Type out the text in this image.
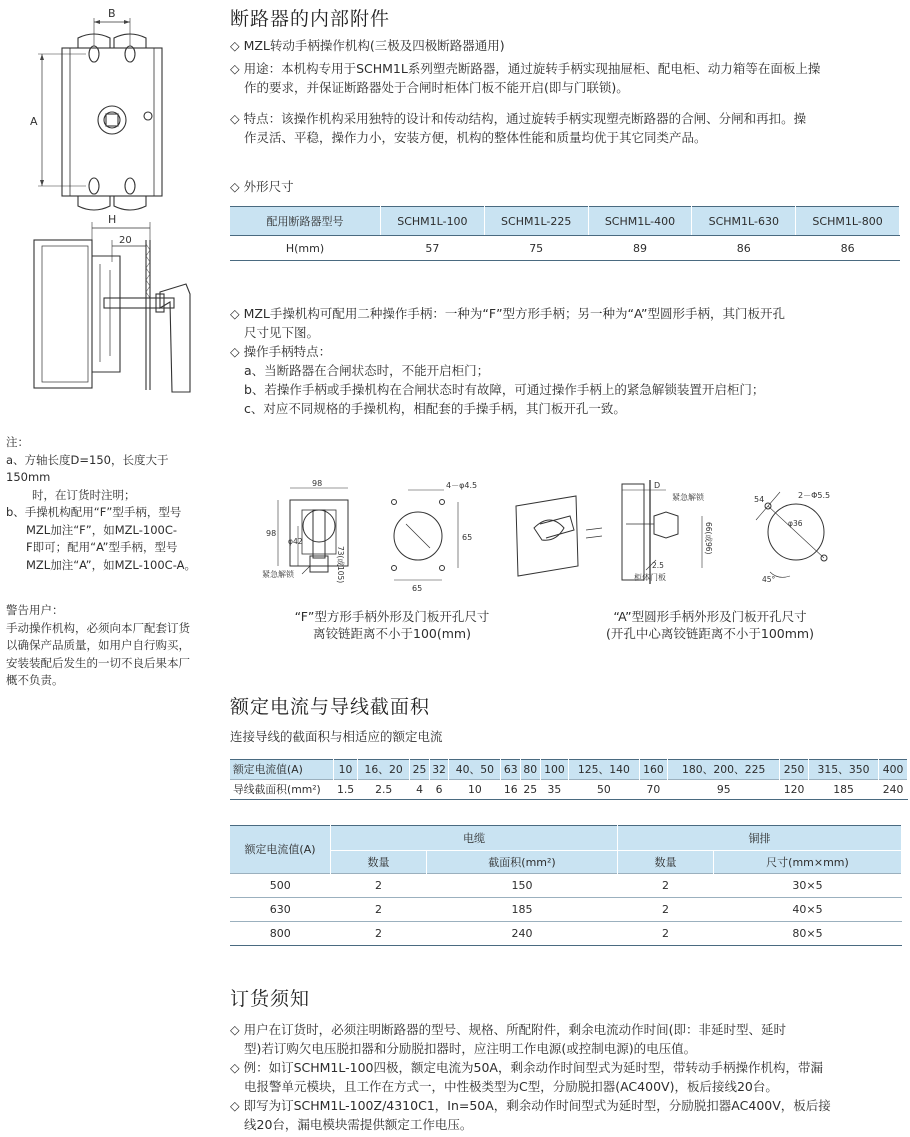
断路器的内部附件
◇ MZL转动手柄操作机构(三极及四极断路器通用)
◇ 用途：本机构专用于SCHM1L系列塑壳断路器，通过旋转手柄实现抽屉柜、配电柜、动力箱等在面板上操
作的要求，并保证断路器处于合闸时柜体门板不能开启(即与门联锁)。
◇ 特点：该操作机构采用独特的设计和传动结构，通过旋转手柄实现塑壳断路器的合闸、分闸和再扣。操
作灵活、平稳，操作力小，安装方便，机构的整体性能和质量均优于其它同类产品。
◇ 外形尺寸
配用断路器型号	SCHM1L-100	SCHM1L-225	SCHM1L-400	SCHM1L-630	SCHM1L-800
H(mm)	57	75	89	86	86
◇ MZL手操机构可配用二种操作手柄：一种为“F”型方形手柄；另一种为“A”型圆形手柄，其门板开孔
尺寸见下图。
◇ 操作手柄特点：
a、当断路器在合闸状态时，不能开启柜门；
b、若操作手柄或手操机构在合闸状态时有故障，可通过操作手柄上的紧急解锁装置开启柜门；
c、对应不同规格的手操机构，相配套的手操手柄，其门板开孔一致。
B
A
H
20
注：
a、方轴长度D=150，长度大于
150mm
时，在订货时注明；
b、手操机构配用“F”型手柄，型号
MZL加注“F”，如MZL-100C-
F即可；配用“A”型手柄，型号
MZL加注“A”，如MZL-100C-A。
警告用户：
手动操作机构，必须向本厂配套订货
以确保产品质量，如用户自行购买，
安装装配后发生的一切不良后果本厂
概不负责。
98
98
73(或105)
φ42
紧急解锁
4－φ4.5
65
65
D
紧急解锁
2.5
66(或96)
柜体门板
54	2－Φ5.5
φ36
45°
“F”型方形手柄外形及门板开孔尺寸
离铰链距离不小于100(mm)
“A”型圆形手柄外形及门板开孔尺寸
(开孔中心离铰链距离不小于100mm)
额定电流与导线截面积
连接导线的截面积与相适应的额定电流
额定电流值(A)	10	16、20	25	32	40、50	63	80	100	125、140	160	180、200、225	250	315、350	400
导线截面积(mm²)	1.5	2.5	4	6	10	16	25	35	50	70	95	120	185	240
额定电流值(A)	电缆		铜排	
	数量	截面积(mm²)	数量	尺寸(mm×mm)
500	2	150	2	30×5
630	2	185	2	40×5
800	2	240	2	80×5
订货须知
◇ 用户在订货时，必须注明断路器的型号、规格、所配附件，剩余电流动作时间(即：非延时型、延时
型)若订购欠电压脱扣器和分励脱扣器时，应注明工作电源(或控制电源)的电压值。
◇ 例：如订SCHM1L-100四极，额定电流为50A，剩余动作时间型式为延时型，带转动手柄操作机构，带漏
电报警单元模块，且工作在方式一，中性极类型为C型，分励脱扣器(AC400V)，板后接线20台。
◇ 即写为订SCHM1L-100Z/4310C1，In=50A，剩余动作时间型式为延时型，分励脱扣器AC400V，板后接
线20台，漏电模块需提供额定工作电压。
